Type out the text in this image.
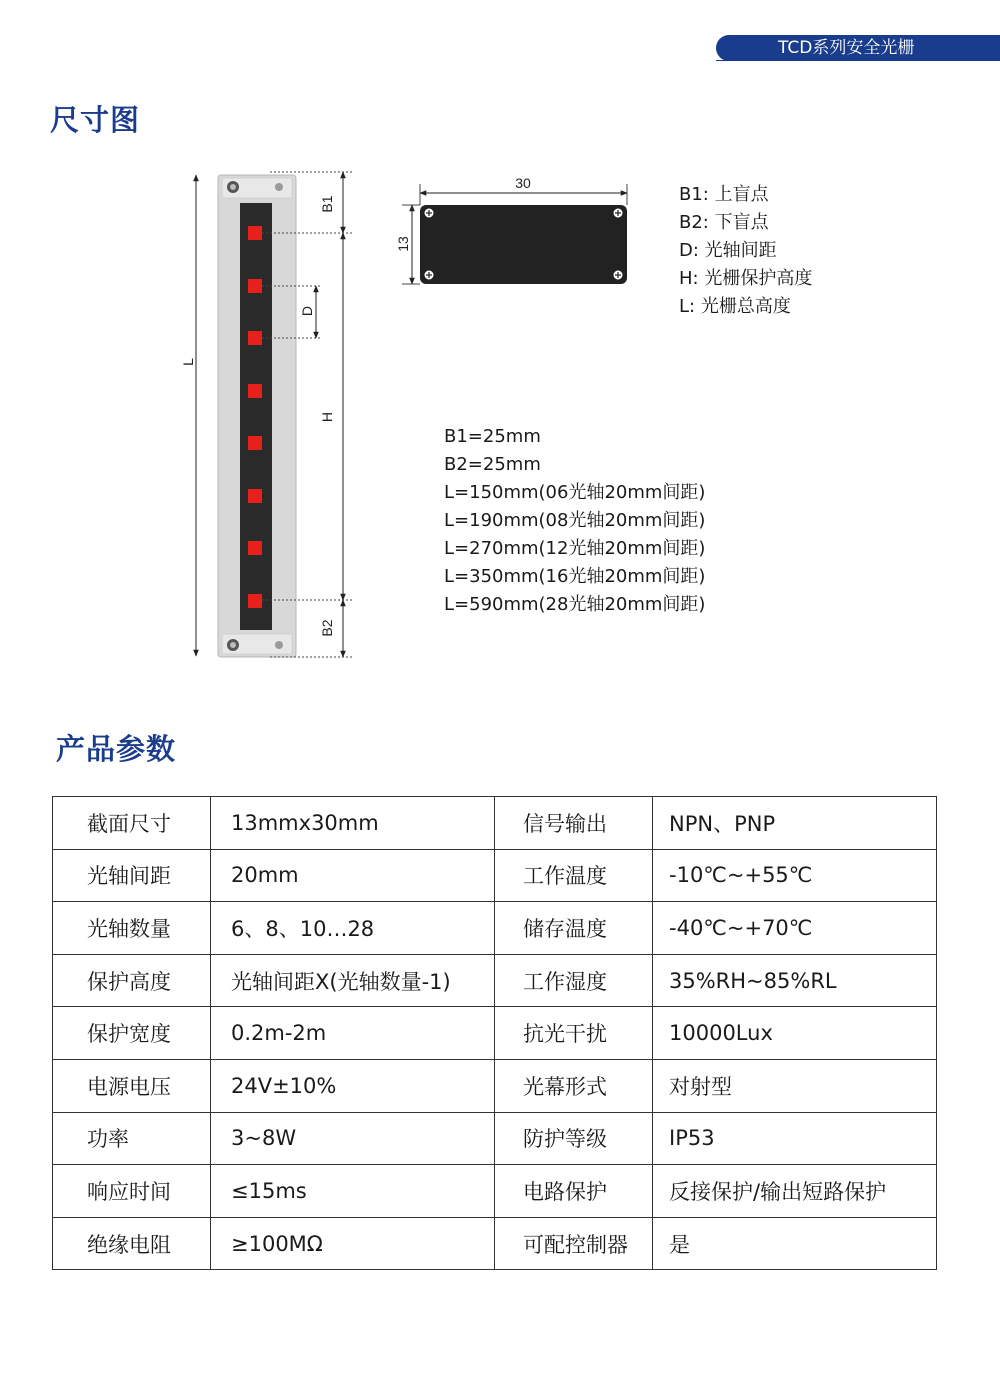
TCD系列安全光栅
尺寸图
产品参数
L
B1
H
B2
D
30
13
B1: 上盲点
B2: 下盲点
D: 光轴间距
H: 光栅保护高度
L: 光栅总高度
B1=25mm
B2=25mm
L=150mm(06光轴20mm间距)
L=190mm(08光轴20mm间距)
L=270mm(12光轴20mm间距)
L=350mm(16光轴20mm间距)
L=590mm(28光轴20mm间距)
截面尺寸	13mmx30mm	信号输出	NPN、PNP
光轴间距	20mm	工作温度	-10℃~+55℃
光轴数量	6、8、10…28	储存温度	-40℃~+70℃
保护高度	光轴间距X(光轴数量-1)	工作湿度	35%RH~85%RL
保护宽度	0.2m-2m	抗光干扰	10000Lux
电源电压	24V±10%	光幕形式	对射型
功率	3~8W	防护等级	IP53
响应时间	≤15ms	电路保护	反接保护/输出短路保护
绝缘电阻	≥100MΩ	可配控制器	是
